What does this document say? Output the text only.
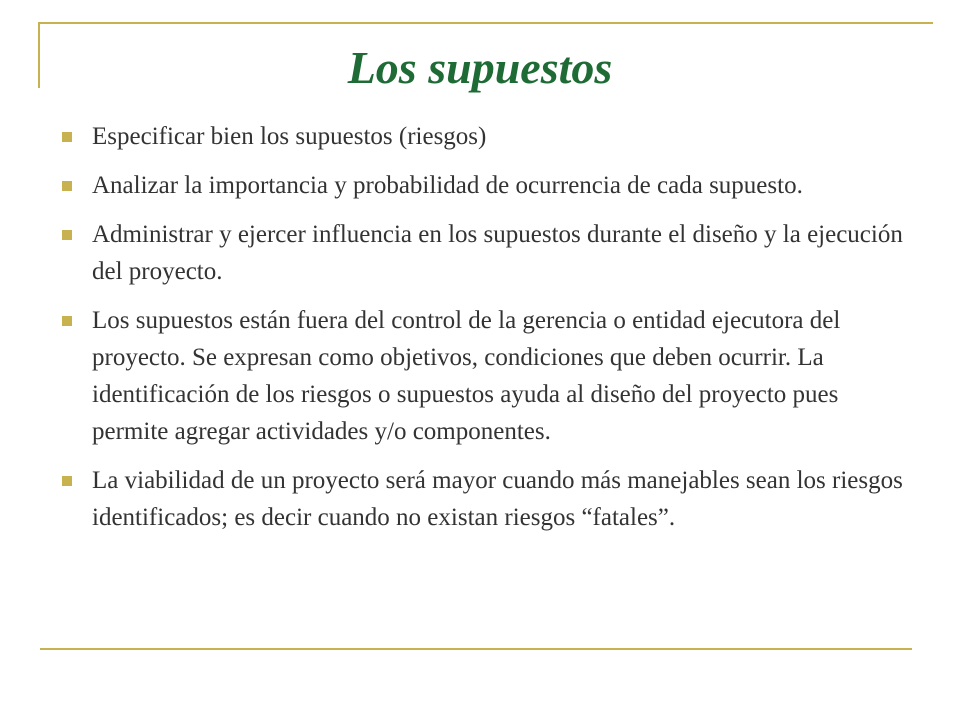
Los supuestos
Especificar bien los supuestos (riesgos)
Analizar la importancia y probabilidad de ocurrencia de cada supuesto.
Administrar y ejercer influencia en los supuestos durante el diseño y la ejecución del proyecto.
Los supuestos están fuera del control de la gerencia o entidad ejecutora del proyecto. Se expresan como objetivos, condiciones que deben ocurrir. La identificación de los riesgos o supuestos ayuda al diseño del proyecto pues permite agregar actividades y/o componentes.
La viabilidad de un proyecto será mayor cuando más manejables sean los riesgos identificados; es decir cuando no existan riesgos “fatales”.
